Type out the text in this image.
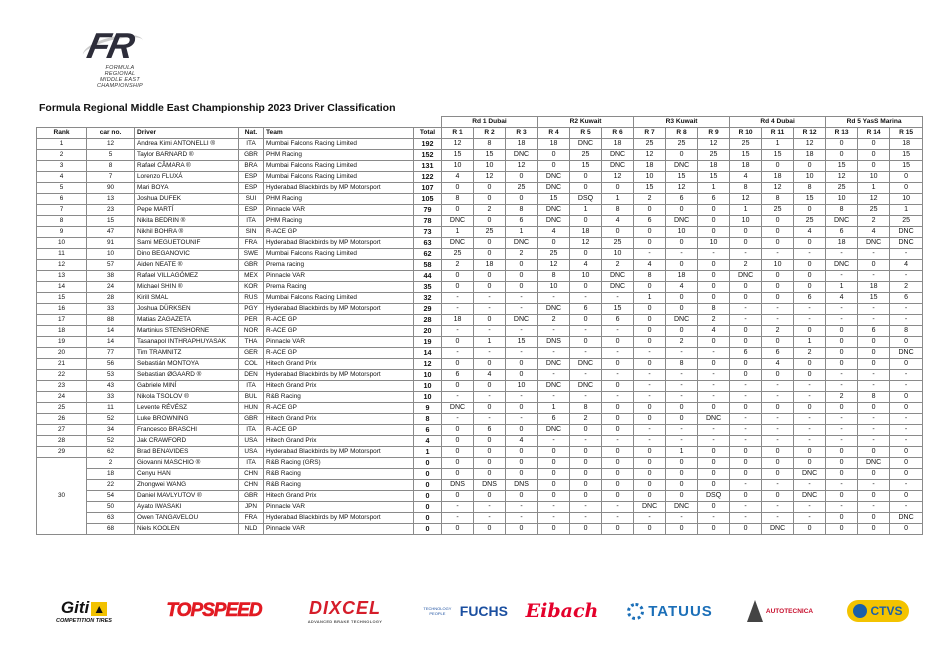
FR
FORMULA
REGIONAL
MIDDLE EAST
CHAMPIONSHIP
Formula Regional Middle East Championship 2023 Driver Classification
						Rd 1 Dubai			R2 Kuwait			R3 Kuwait			Rd 4 Dubai			Rd 5 YasS Marina		
Rank	car no.	Driver	Nat.	Team	Total	R 1	R 2	R 3	R 4	R 5	R 6	R 7	R 8	R 9	R 10	R 11	R 12	R 13	R 14	R 15
1	12	Andrea Kimi ANTONELLI ®	ITA	Mumbai Falcons Racing Limited	192	12	8	18	18	DNC	18	25	25	12	25	1	12	0	0	18
2	5	Taylor BARNARD ®	GBR	PHM Racing	152	15	15	DNC	0	25	DNC	12	0	25	15	15	18	0	0	15
3	8	Rafael CÂMARA ®	BRA	Mumbai Falcons Racing Limited	131	10	10	12	0	15	DNC	18	DNC	18	18	0	0	15	0	15
4	7	Lorenzo FLUXÁ	ESP	Mumbai Falcons Racing Limited	122	4	12	0	DNC	0	12	10	15	15	4	18	10	12	10	0
5	90	Mari BOYA	ESP	Hyderabad Blackbirds by MP Motorsport	107	0	0	25	DNC	0	0	15	12	1	8	12	8	25	1	0
6	13	Joshua DUFEK	SUI	PHM Racing	105	8	0	0	15	DSQ	1	2	6	6	12	8	15	10	12	10
7	23	Pepe MARTÍ	ESP	Pinnacle VAR	79	0	2	8	DNC	1	8	0	0	0	1	25	0	8	25	1
8	15	Nikita BEDRIN ®	ITA	PHM Racing	78	DNC	0	6	DNC	0	4	6	DNC	0	10	0	25	DNC	2	25
9	47	Nikhil BOHRA ®	SIN	R-ACE GP	73	1	25	1	4	18	0	0	10	0	0	0	4	6	4	DNC
10	91	Sami MEGUETOUNIF	FRA	Hyderabad Blackbirds by MP Motorsport	63	DNC	0	DNC	0	12	25	0	0	10	0	0	0	18	DNC	DNC
11	10	Dino BEGANOVIC	SWE	Mumbai Falcons Racing Limited	62	25	0	2	25	0	10	-	-	-	-	-	-	-	-	-
12	57	Aiden NEATE ®	GBR	Prema racing	58	2	18	0	12	4	2	4	0	0	2	10	0	DNC	0	4
13	38	Rafael VILLAGÓMEZ	MEX	Pinnacle VAR	44	0	0	0	8	10	DNC	8	18	0	DNC	0	0	-	-	-
14	24	Michael SHIN ®	KOR	Prema Racing	35	0	0	0	10	0	DNC	0	4	0	0	0	0	1	18	2
15	28	Kirill SMAL	RUS	Mumbai Falcons Racing Limited	32	-	-	-	-	-	-	1	0	0	0	0	6	4	15	6
16	33	Joshua DÜRKSEN	PGY	Hyderabad Blackbirds by MP Motorsport	29	-	-	-	DNC	6	15	0	0	8	-	-	-	-	-	-
17	88	Matias ZAGAZETA	PER	R-ACE GP	28	18	0	DNC	2	0	6	0	DNC	2	-	-	-	-	-	-
18	14	Martinius STENSHORNE	NOR	R-ACE GP	20	-	-	-	-	-	-	0	0	4	0	2	0	0	6	8
19	14	Tasanapol INTHRAPHUYASAK	THA	Pinnacle VAR	19	0	1	15	DNS	0	0	0	2	0	0	0	1	0	0	0
20	77	Tim TRAMNITZ	GER	R-ACE GP	14	-	-	-	-	-	-	-	-	-	6	6	2	0	0	DNC
21	56	Sebastián MONTOYA	COL	Hitech Grand Prix	12	0	0	0	DNC	DNC	0	0	8	0	0	4	0	0	0	0
22	53	Sebastian ØGAARD ®	DEN	Hyderabad Blackbirds by MP Motorsport	10	6	4	0	-	-	-	-	-	-	0	0	0	-	-	-
23	43	Gabriele MINÍ	ITA	Hitech Grand Prix	10	0	0	10	DNC	DNC	0	-	-	-	-	-	-	-	-	-
24	33	Nikola TSOLOV ®	BUL	R&B Racing	10	-	-	-	-	-	-	-	-	-	-	-	-	2	8	0
25	11	Levente RÉVÉSZ	HUN	R-ACE GP	9	DNC	0	0	1	8	0	0	0	0	0	0	0	0	0	0
26	52	Luke BROWNING	GBR	Hitech Grand Prix	8	-	-	-	6	2	0	0	0	DNC	-	-	-	-	-	-
27	34	Francesco BRASCHI	ITA	R-ACE GP	6	0	6	0	DNC	0	0	-	-	-	-	-	-	-	-	-
28	52	Jak CRAWFORD	USA	Hitech Grand Prix	4	0	0	4	-	-	-	-	-	-	-	-	-	-	-	-
29	62	Brad BENAVIDES	USA	Hyderabad Blackbirds by MP Motorsport	1	0	0	0	0	0	0	0	1	0	0	0	0	0	0	0
30	2	Giovanni MASCHIO ®	ITA	R&B Racing (GRS)	0	0	0	0	0	0	0	0	0	0	0	0	0	0	DNC	0
	18	Cenyu HAN	CHN	R&B Racing	0	0	0	0	0	0	0	0	0	0	0	0	DNC	0	0	0
	22	Zhongwei WANG	CHN	R&B Racing	0	DNS	DNS	DNS	0	0	0	0	0	0	-	-	-	-	-	-
	54	Daniel MAVLYUTOV ®	GBR	Hitech Grand Prix	0	0	0	0	0	0	0	0	0	DSQ	0	0	DNC	0	0	0
	50	Ayato IWASAKI	JPN	Pinnacle VAR	0	-	-	-	-	-	-	DNC	DNC	0	-	-	-	-	-	-
	63	Owen TANGAVELOU	FRA	Hyderabad Blackbirds by MP Motorsport	0	-	-	-	-	-	-	-	-	-	-	-	-	0	0	DNC
	68	Niels KOOLEN	NLD	Pinnacle VAR	0	0	0	0	0	0	0	0	0	0	0	DNC	0	0	0	0
Giti ▲
COMPETITION TIRES	TOPSPEED	DIXCEL
ADVANCED BRAKE TECHNOLOGY
TECHNOLOGY PEOPLE	FUCHS Eibach	TATUUS	AUTOTECNICA	CTVS
